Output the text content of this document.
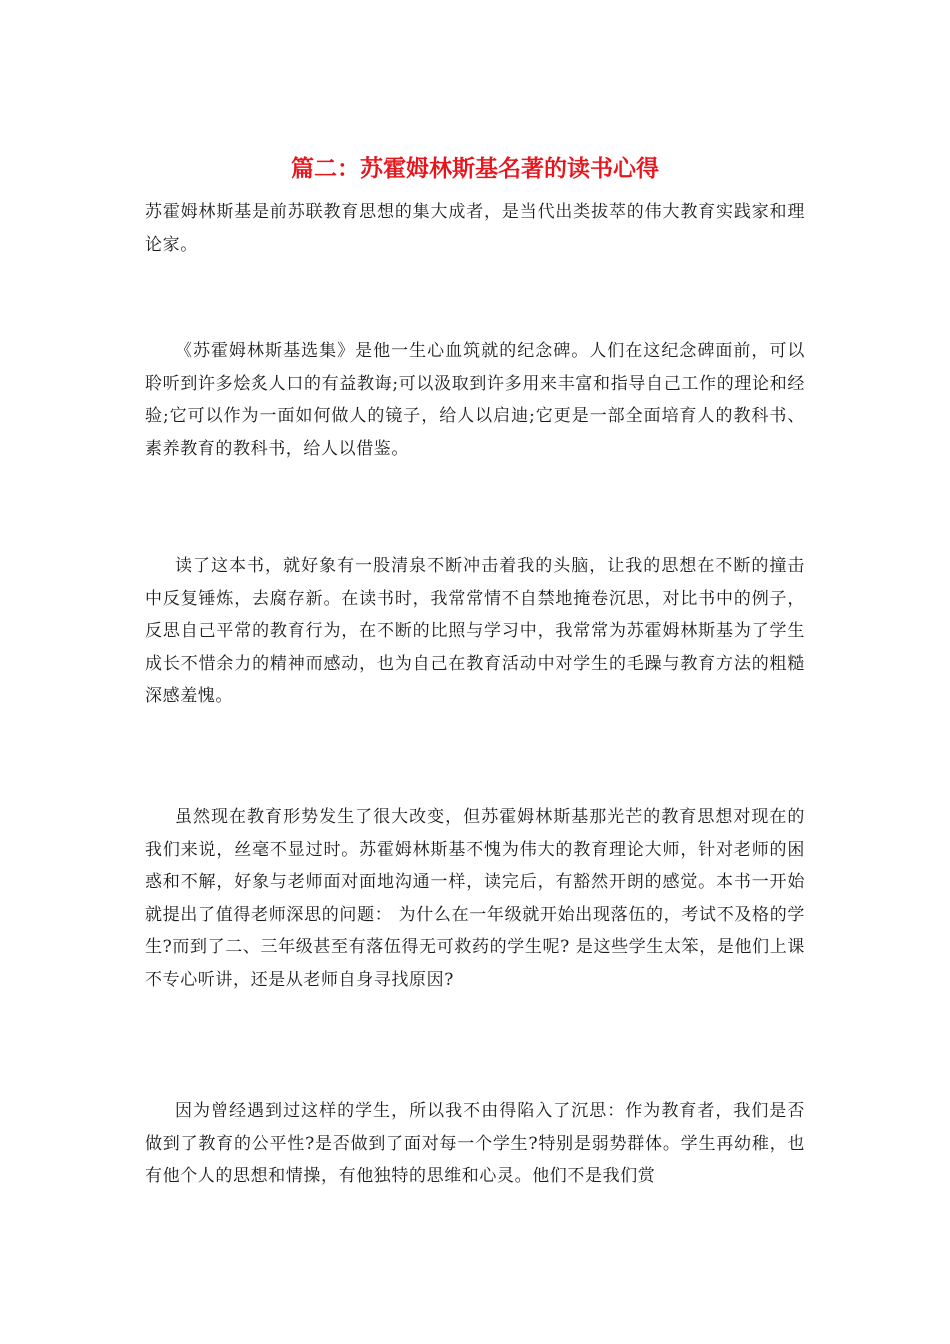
篇二：苏霍姆林斯基名著的读书心得

苏霍姆林斯基是前苏联教育思想的集大成者，是当代出类拔萃的伟大教育实践家和理论家。

《苏霍姆林斯基选集》是他一生心血筑就的纪念碑。人们在这纪念碑面前，可以聆听到许多烩炙人口的有益教诲;可以汲取到许多用来丰富和指导自己工作的理论和经验;它可以作为一面如何做人的镜子，给人以启迪;它更是一部全面培育人的教科书、素养教育的教科书，给人以借鉴。

读了这本书，就好象有一股清泉不断冲击着我的头脑，让我的思想在不断的撞击中反复锤炼，去腐存新。在读书时，我常常情不自禁地掩卷沉思，对比书中的例子，反思自己平常的教育行为，在不断的比照与学习中，我常常为苏霍姆林斯基为了学生成长不惜余力的精神而感动，也为自己在教育活动中对学生的毛躁与教育方法的粗糙深感羞愧。

虽然现在教育形势发生了很大改变，但苏霍姆林斯基那光芒的教育思想对现在的我们来说，丝毫不显过时。苏霍姆林斯基不愧为伟大的教育理论大师，针对老师的困惑和不解，好象与老师面对面地沟通一样，读完后，有豁然开朗的感觉。本书一开始就提出了值得老师深思的问题： 为什么在一年级就开始出现落伍的，考试不及格的学生?而到了二、三年级甚至有落伍得无可救药的学生呢? 是这些学生太笨，是他们上课不专心听讲，还是从老师自身寻找原因?

因为曾经遇到过这样的学生，所以我不由得陷入了沉思：作为教育者，我们是否做到了教育的公平性?是否做到了面对每一个学生?特别是弱势群体。学生再幼稚，也有他个人的思想和情操，有他独特的思维和心灵。他们不是我们赏
